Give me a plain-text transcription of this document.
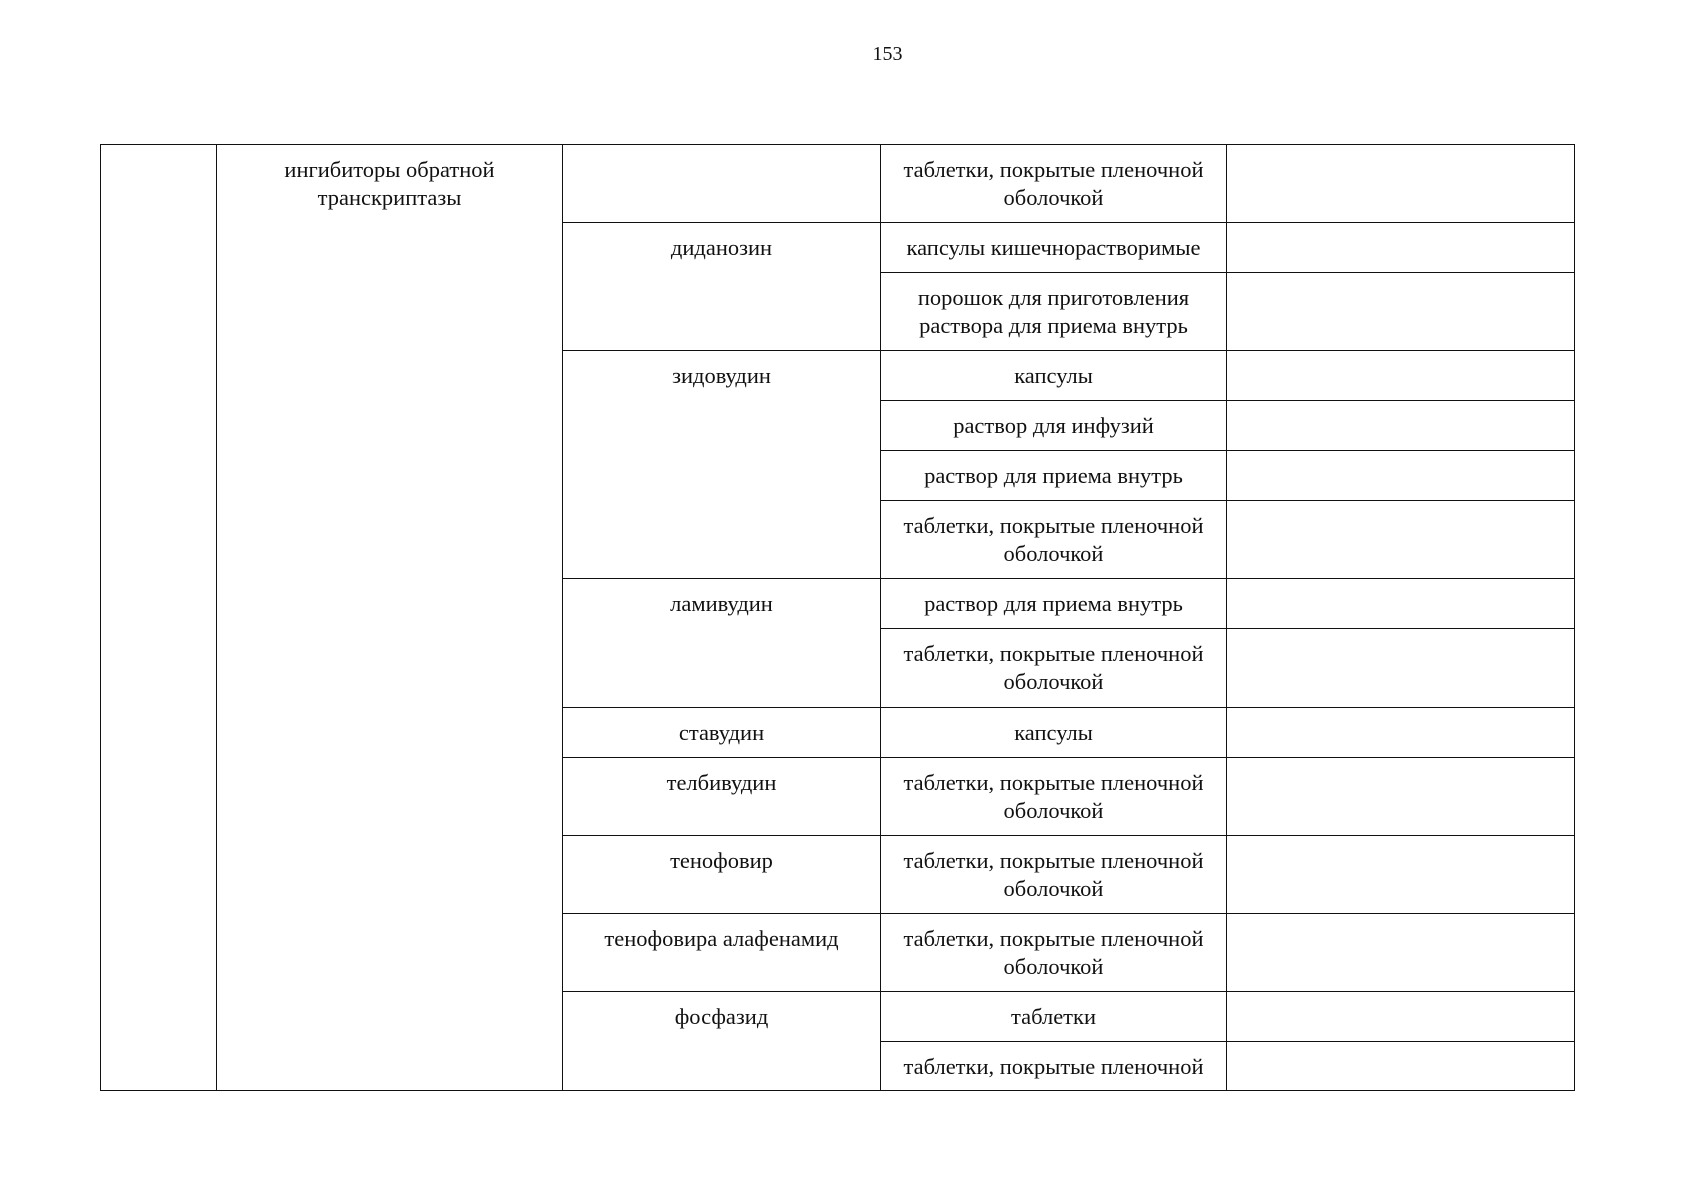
153
	ингибиторы обратной транскриптазы		таблетки, покрытые пленочной оболочкой	
		диданозин	капсулы кишечнорастворимые	
			порошок для приготовления раствора для приема внутрь	
		зидовудин	капсулы	
			раствор для инфузий	
			раствор для приема внутрь	
			таблетки, покрытые пленочной оболочкой	
		ламивудин	раствор для приема внутрь	
			таблетки, покрытые пленочной оболочкой	
		ставудин	капсулы	
		телбивудин	таблетки, покрытые пленочной оболочкой	
		тенофовир	таблетки, покрытые пленочной оболочкой	
		тенофовира алафенамид	таблетки, покрытые пленочной оболочкой	
		фосфазид	таблетки	
			таблетки, покрытые пленочной	
